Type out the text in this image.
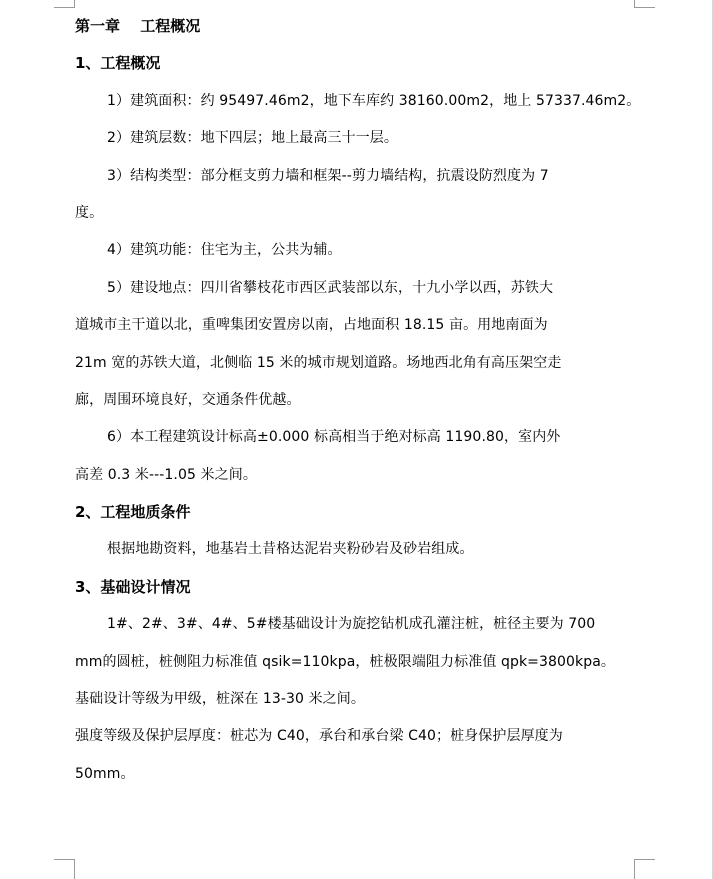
第一章　 工程概况
1、工程概况
1）建筑面积：约 95497.46m2，地下车库约 38160.00m2，地上 57337.46m2。
2）建筑层数：地下四层；地上最高三十一层。
3）结构类型：部分框支剪力墙和框架--剪力墙结构，抗震设防烈度为 7
度。
4）建筑功能：住宅为主，公共为辅。
5）建设地点：四川省攀枝花市西区武装部以东，十九小学以西，苏铁大
道城市主干道以北，重啤集团安置房以南，占地面积 18.15 亩。用地南面为
21m 宽的苏铁大道，北侧临 15 米的城市规划道路。场地西北角有高压架空走
廊，周围环境良好，交通条件优越。
6）本工程建筑设计标高±0.000 标高相当于绝对标高 1190.80，室内外
高差 0.3 米---1.05 米之间。
2、工程地质条件
根据地勘资料，地基岩土昔格达泥岩夹粉砂岩及砂岩组成。
3、基础设计情况
1#、2#、3#、4#、5#楼基础设计为旋挖钻机成孔灌注桩，桩径主要为 700
mm的圆桩，桩侧阻力标准值 qsik=110kpa，桩极限端阻力标准值 qpk=3800kpa。
基础设计等级为甲级，桩深在 13-30 米之间。
强度等级及保护层厚度：桩芯为 C40，承台和承台梁 C40；桩身保护层厚度为
50mm。
